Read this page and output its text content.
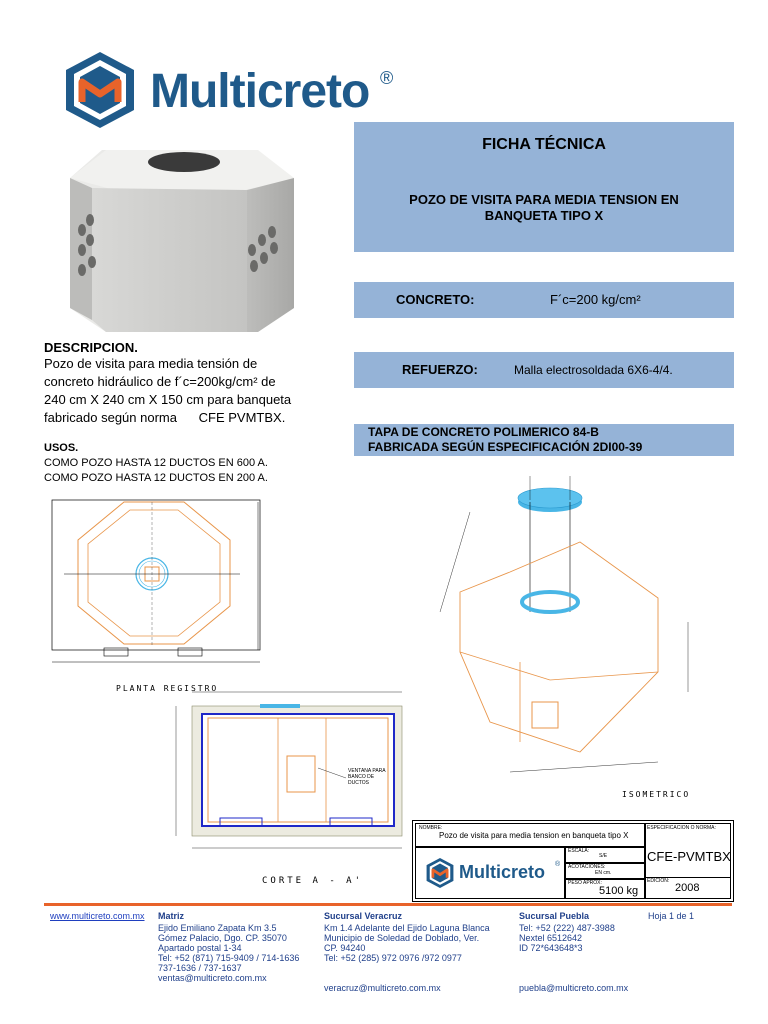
Multicreto ®
FICHA TÉCNICA
POZO DE VISITA PARA MEDIA TENSION EN
BANQUETA TIPO X
CONCRETO:	F´c=200 kg/cm²
REFUERZO:	Malla electrosoldada 6X6-4/4.
TAPA DE CONCRETO POLIMERICO 84-B
FABRICADA SEGÚN ESPECIFICACIÓN 2DI00-39
DESCRIPCION.
Pozo de visita para media tensión de
concreto hidráulico de f´c=200kg/cm² de
240 cm X 240 cm X 150 cm para banqueta
fabricado según norma      CFE PVMTBX.
USOS.
COMO POZO HASTA 12 DUCTOS EN 600 A.
COMO POZO HASTA 12 DUCTOS EN 200 A.
PLANTA REGISTRO
VENTANA PARA BANCO DE DUCTOS
CORTE A - A'
ISOMETRICO
NOMBRE:
Pozo de visita para media tension en banqueta tipo X
ESPECIFICACION O NORMA:
CFE-PVMTBX
Multicreto ®
ESCALA:
S/E
ACOTACIONES:
EN cm.
PESO APROX:
5100 kg
EDICION:
2008
www.multicreto.com.mx Matriz
Ejido Emiliano Zapata Km 3.5
Gómez Palacio, Dgo. CP. 35070
Apartado postal 1-34
Tel: +52 (871) 715-9409 / 714-1636
737-1636 / 737-1637
ventas@multicreto.com.mx
Sucursal Veracruz
Km 1.4 Adelante del Ejido Laguna Blanca
Municipio de Soledad de Doblado, Ver.
CP. 94240
Tel: +52 (285) 972 0976 /972 0977
veracruz@multicreto.com.mx
Sucursal Puebla
Tel: +52 (222) 487-3988
Nextel 6512642
ID 72*643648*3
puebla@multicreto.com.mx
Hoja 1 de 1
